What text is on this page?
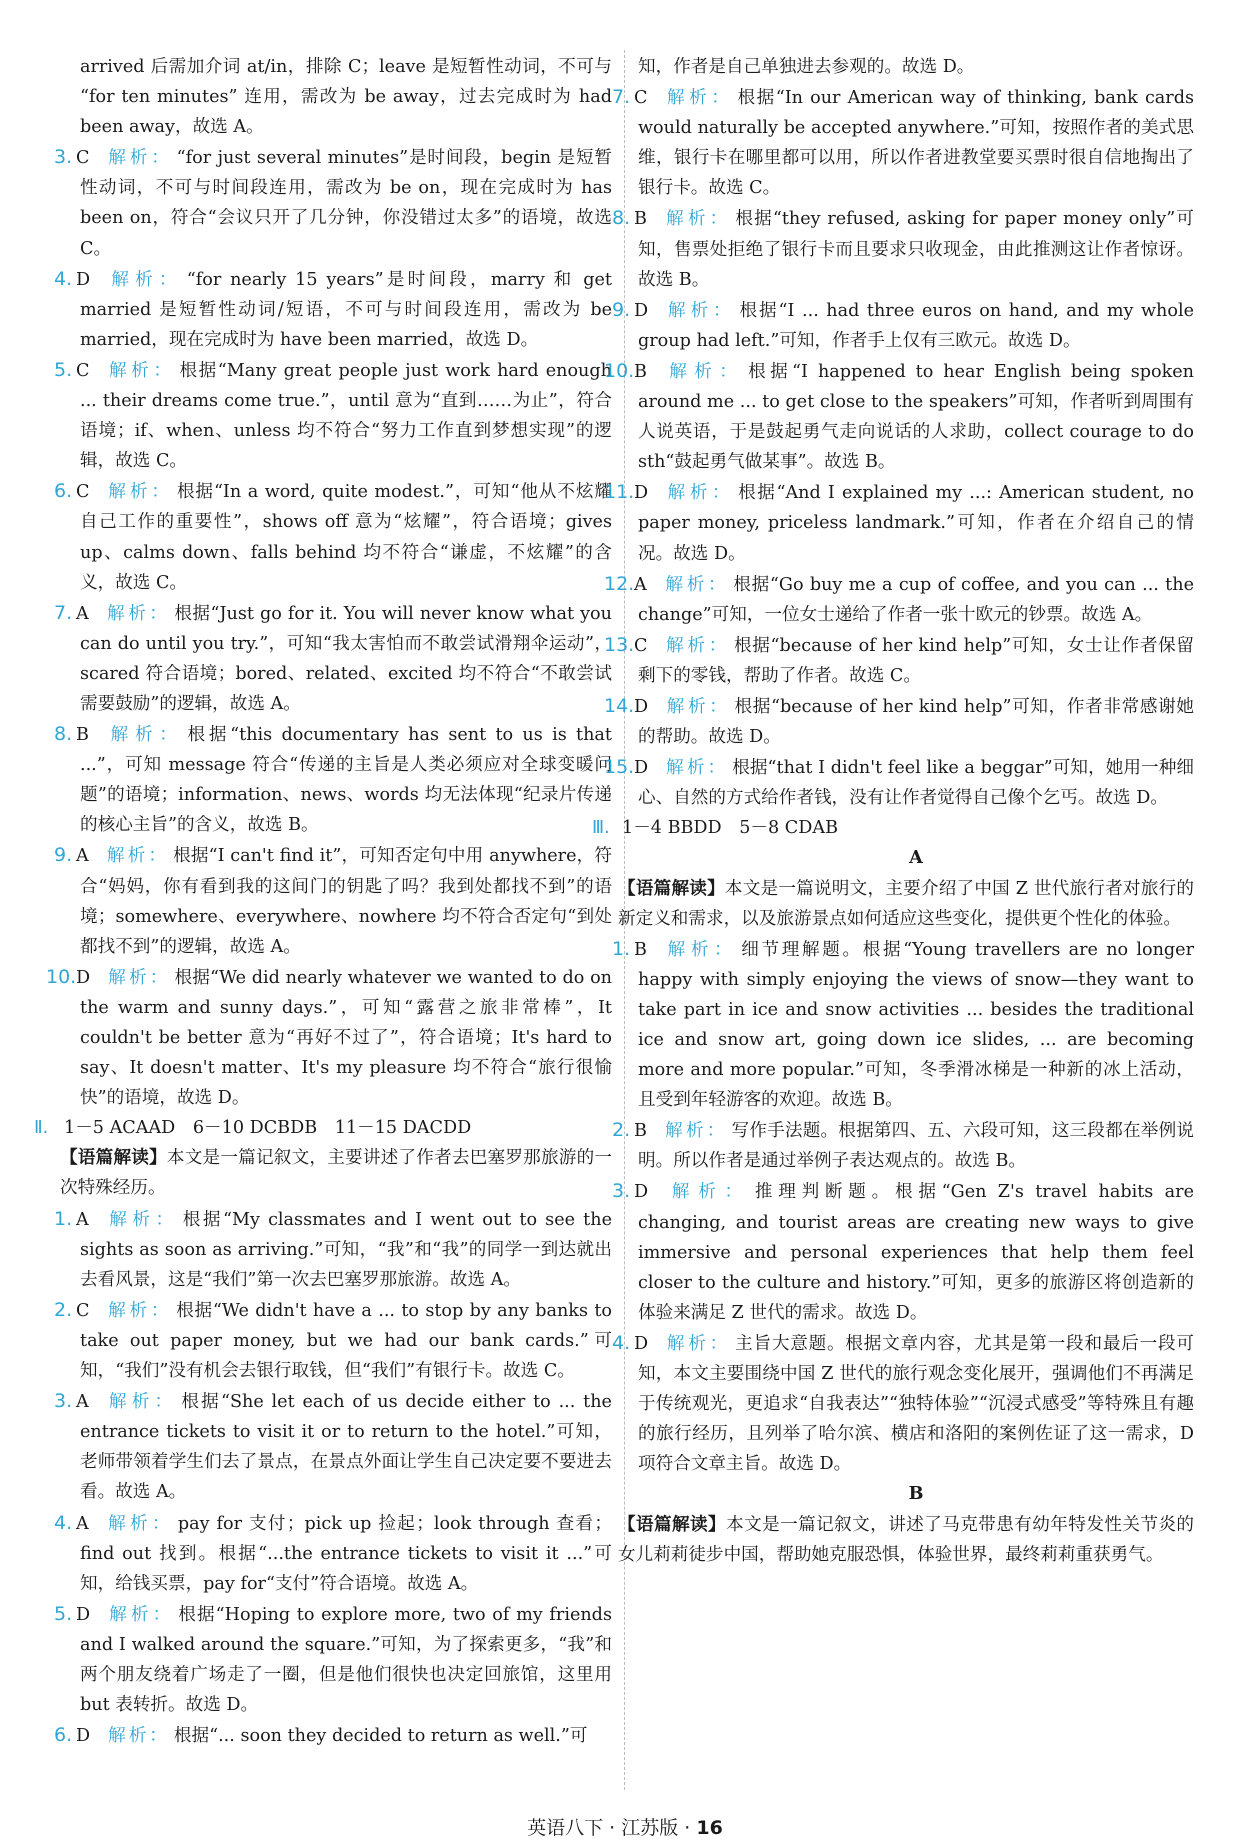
arrived 后需加介词 at/in，排除 C；leave 是短暂性动词，不可与 “for ten minutes” 连用，需改为 be away，过去完成时为 had been away，故选 A。

3. C 解析： “for just several minutes”是时间段，begin 是短暂性动词，不可与时间段连用，需改为 be on，现在完成时为 has been on，符合“会议只开了几分钟，你没错过太多”的语境，故选 C。

4. D 解析： “for nearly 15 years”是时间段，marry 和 get married 是短暂性动词/短语，不可与时间段连用，需改为 be married，现在完成时为 have been married，故选 D。

5. C 解析： 根据“Many great people just work hard enough ... their dreams come true.”，until 意为“直到……为止”，符合语境；if、when、unless 均不符合“努力工作直到梦想实现”的逻辑，故选 C。

6. C 解析： 根据“In a word, quite modest.”，可知“他从不炫耀自己工作的重要性”，shows off 意为“炫耀”，符合语境；gives up、calms down、falls behind 均不符合“谦虚，不炫耀”的含义，故选 C。

7. A 解析： 根据“Just go for it. You will never know what you can do until you try.”，可知“我太害怕而不敢尝试滑翔伞运动”，scared 符合语境；bored、related、excited 均不符合“不敢尝试需要鼓励”的逻辑，故选 A。

8. B 解析： 根据“this documentary has sent to us is that ...”，可知 message 符合“传递的主旨是人类必须应对全球变暖问题”的语境；information、news、words 均无法体现“纪录片传递的核心主旨”的含义，故选 B。

9. A 解析： 根据“I can't find it”，可知否定句中用 anywhere，符合“妈妈，你有看到我的这间门的钥匙了吗？我到处都找不到”的语境；somewhere、everywhere、nowhere 均不符合否定句“到处都找不到”的逻辑，故选 A。

10.D 解析： 根据“We did nearly whatever we wanted to do on the warm and sunny days.”，可知“露营之旅非常棒”，It couldn't be better 意为“再好不过了”，符合语境；It's hard to say、It doesn't matter、It's my pleasure 均不符合“旅行很愉快”的语境，故选 D。

Ⅱ. 1－5 ACAAD　6－10 DCBDB　11－15 DACDD

【语篇解读】本文是一篇记叙文，主要讲述了作者去巴塞罗那旅游的一次特殊经历。

1. A 解析： 根据“My classmates and I went out to see the sights as soon as arriving.”可知，“我”和“我”的同学一到达就出去看风景，这是“我们”第一次去巴塞罗那旅游。故选 A。

2. C 解析： 根据“We didn't have a ... to stop by any banks to take out paper money, but we had our bank cards.”可知，“我们”没有机会去银行取钱，但“我们”有银行卡。故选 C。

3. A 解析： 根据“She let each of us decide either to ... the entrance tickets to visit it or to return to the hotel.”可知，老师带领着学生们去了景点，在景点外面让学生自己决定要不要进去看。故选 A。

4. A 解析： pay for 支付；pick up 捡起；look through 查看；find out 找到。根据“...the entrance tickets to visit it ...”可知，给钱买票，pay for“支付”符合语境。故选 A。

5. D 解析： 根据“Hoping to explore more, two of my friends and I walked around the square.”可知，为了探索更多，“我”和两个朋友绕着广场走了一圈，但是他们很快也决定回旅馆，这里用 but 表转折。故选 D。

6. D 解析： 根据“... soon they decided to return as well.”可

知，作者是自己单独进去参观的。故选 D。

7. C 解析： 根据“In our American way of thinking, bank cards would naturally be accepted anywhere.”可知，按照作者的美式思维，银行卡在哪里都可以用，所以作者进教堂要买票时很自信地掏出了银行卡。故选 C。

8. B 解析： 根据“they refused, asking for paper money only”可知，售票处拒绝了银行卡而且要求只收现金，由此推测这让作者惊讶。故选 B。

9. D 解析： 根据“I ... had three euros on hand, and my whole group had left.”可知，作者手上仅有三欧元。故选 D。

10.B 解析： 根据“I happened to hear English being spoken around me ... to get close to the speakers”可知，作者听到周围有人说英语，于是鼓起勇气走向说话的人求助，collect courage to do sth“鼓起勇气做某事”。故选 B。

11.D 解析： 根据“And I explained my ...: American student, no paper money, priceless landmark.”可知，作者在介绍自己的情况。故选 D。

12.A 解析： 根据“Go buy me a cup of coffee, and you can ... the change”可知，一位女士递给了作者一张十欧元的钞票。故选 A。

13.C 解析： 根据“because of her kind help”可知，女士让作者保留剩下的零钱，帮助了作者。故选 C。

14.D 解析： 根据“because of her kind help”可知，作者非常感谢她的帮助。故选 D。

15.D 解析： 根据“that I didn't feel like a beggar”可知，她用一种细心、自然的方式给作者钱，没有让作者觉得自己像个乞丐。故选 D。

Ⅲ. 1－4 BBDD　5－8 CDAB

A

【语篇解读】本文是一篇说明文，主要介绍了中国 Z 世代旅行者对旅行的新定义和需求，以及旅游景点如何适应这些变化，提供更个性化的体验。

1. B 解析： 细节理解题。根据“Young travellers are no longer happy with simply enjoying the views of snow—they want to take part in ice and snow activities ... besides the traditional ice and snow art, going down ice slides, ... are becoming more and more popular.”可知，冬季滑冰梯是一种新的冰上活动，且受到年轻游客的欢迎。故选 B。

2. B 解析： 写作手法题。根据第四、五、六段可知，这三段都在举例说明。所以作者是通过举例子表达观点的。故选 B。

3. D 解析： 推理判断题。根据“Gen Z's travel habits are changing, and tourist areas are creating new ways to give immersive and personal experiences that help them feel closer to the culture and history.”可知，更多的旅游区将创造新的体验来满足 Z 世代的需求。故选 D。

4. D 解析： 主旨大意题。根据文章内容，尤其是第一段和最后一段可知，本文主要围绕中国 Z 世代的旅行观念变化展开，强调他们不再满足于传统观光，更追求“自我表达”“独特体验”“沉浸式感受”等特殊且有趣的旅行经历，且列举了哈尔滨、横店和洛阳的案例佐证了这一需求，D 项符合文章主旨。故选 D。

B

【语篇解读】本文是一篇记叙文，讲述了马克带患有幼年特发性关节炎的女儿莉莉徒步中国，帮助她克服恐惧，体验世界，最终莉莉重获勇气。

英语八下 · 江苏版 · 16
